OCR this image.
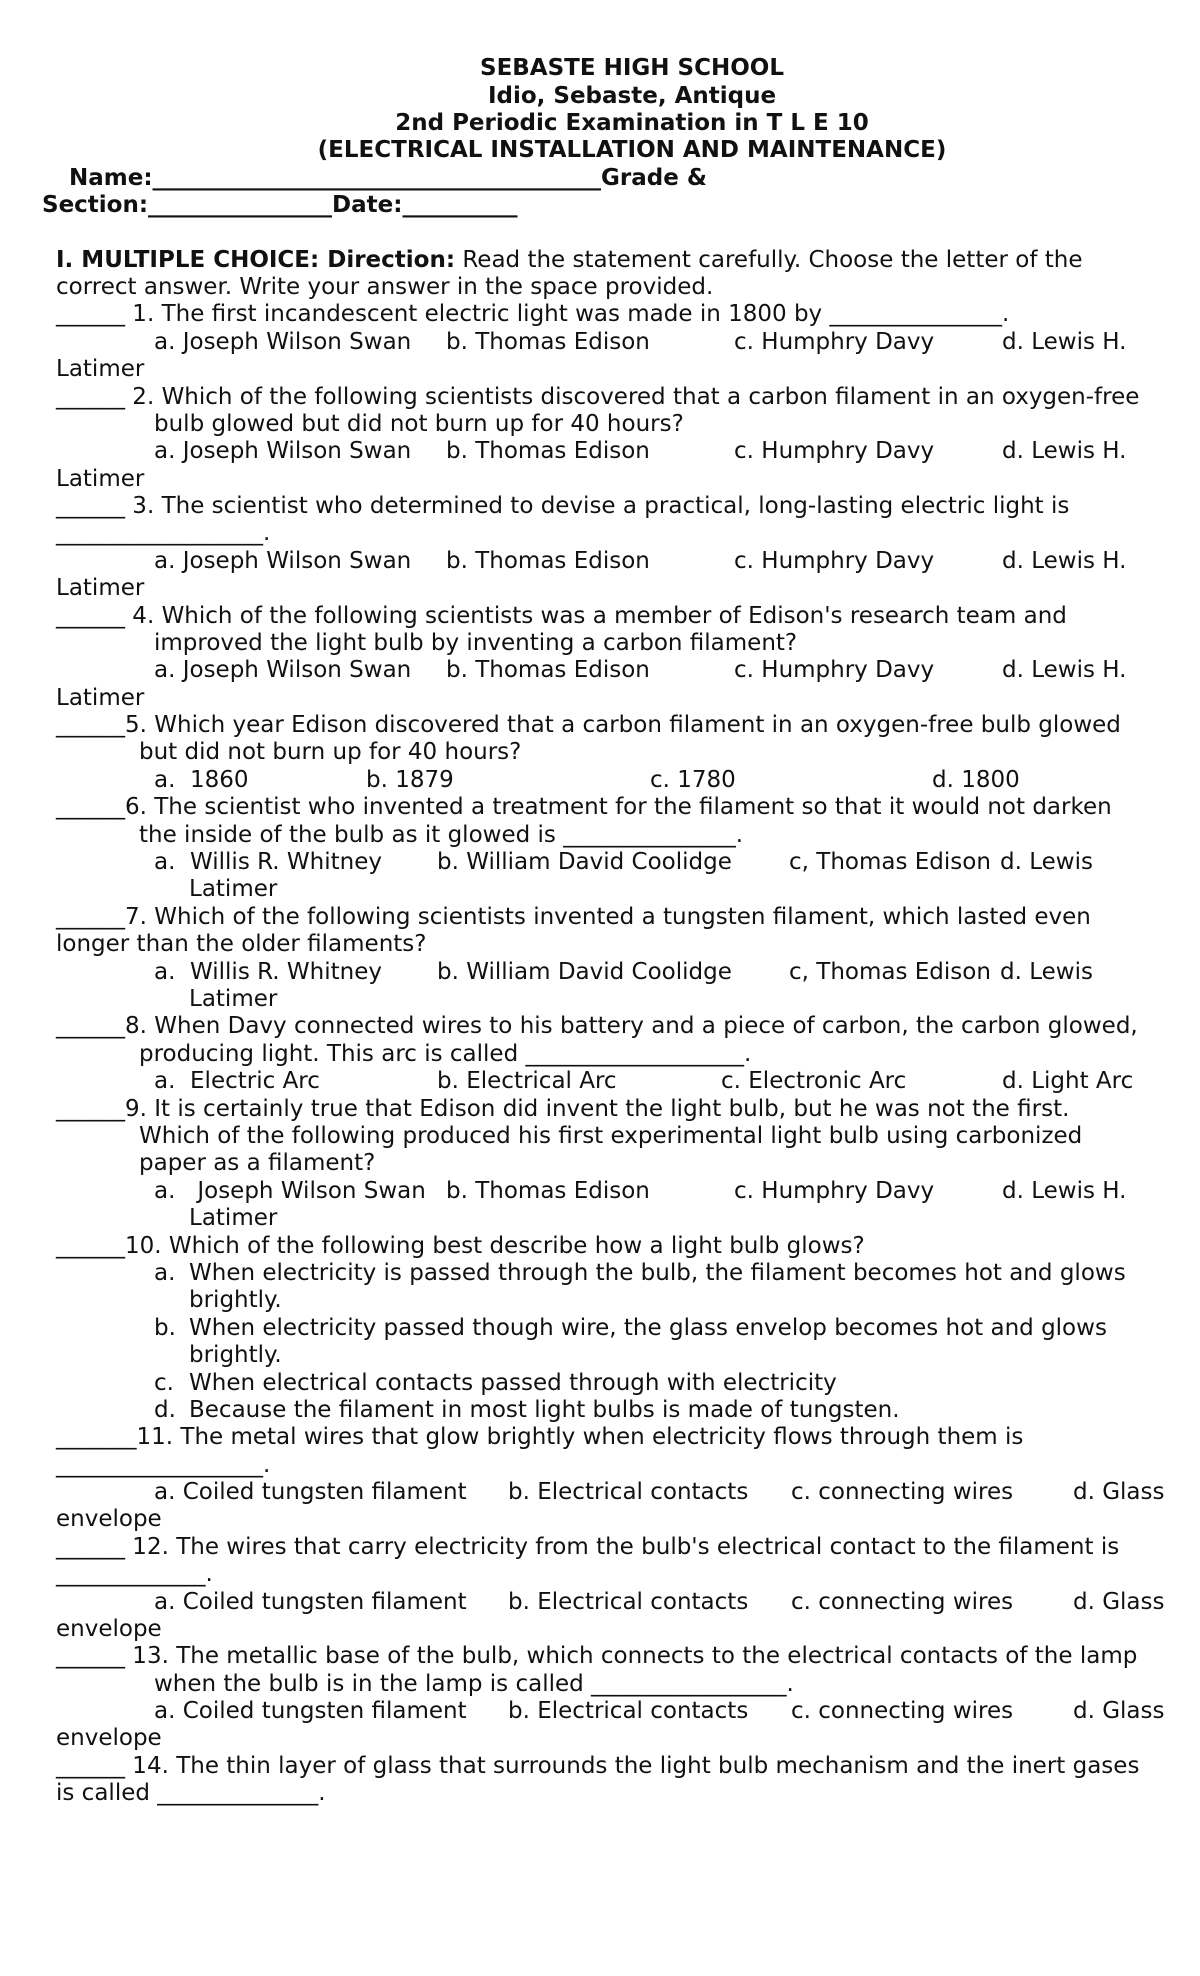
SEBASTE HIGH SCHOOL
Idio, Sebaste, Antique
2nd Periodic Examination in T L E 10
(ELECTRICAL INSTALLATION AND MAINTENANCE)
Name:_______________________________________Grade &
Section:________________Date:__________
I. MULTIPLE CHOICE: Direction: Read the statement carefully. Choose the letter of the
correct answer. Write your answer in the space provided.
______ 1. The first incandescent electric light was made in 1800 by _______________.
a. Joseph Wilson Swan b. Thomas Edison	c. Humphry Davy	d. Lewis H.
Latimer
______ 2. Which of the following scientists discovered that a carbon filament in an oxygen-free
bulb glowed but did not burn up for 40 hours?
a. Joseph Wilson Swan b. Thomas Edison	c. Humphry Davy	d. Lewis H.
Latimer
______ 3. The scientist who determined to devise a practical, long-lasting electric light is
__________________.
a. Joseph Wilson Swan b. Thomas Edison	c. Humphry Davy	d. Lewis H.
Latimer
______ 4. Which of the following scientists was a member of Edison's research team and
improved the light bulb by inventing a carbon filament?
a. Joseph Wilson Swan b. Thomas Edison	c. Humphry Davy	d. Lewis H.
Latimer
______5. Which year Edison discovered that a carbon filament in an oxygen-free bulb glowed
but did not burn up for 40 hours?
a.  1860	b. 1879	c. 1780	d. 1800
______6. The scientist who invented a treatment for the filament so that it would not darken
the inside of the bulb as it glowed is _______________.
a.  Willis R. Whitney b. William David Coolidge c, Thomas Edison d. Lewis
Latimer
______7. Which of the following scientists invented a tungsten filament, which lasted even
longer than the older filaments?
a.  Willis R. Whitney b. William David Coolidge c, Thomas Edison d. Lewis
Latimer
______8. When Davy connected wires to his battery and a piece of carbon, the carbon glowed,
producing light. This arc is called ___________________.
a.  Electric Arc	b. Electrical Arc	c. Electronic Arc	d. Light Arc
______9. It is certainly true that Edison did invent the light bulb, but he was not the first.
Which of the following produced his first experimental light bulb using carbonized
paper as a filament?
a.   Joseph Wilson Swan b. Thomas Edison	c. Humphry Davy	d. Lewis H.
Latimer
______10. Which of the following best describe how a light bulb glows?
a. When electricity is passed through the bulb, the filament becomes hot and glows
brightly.
b. When electricity passed though wire, the glass envelop becomes hot and glows
brightly.
c. When electrical contacts passed through with electricity
d. Because the filament in most light bulbs is made of tungsten.
_______11. The metal wires that glow brightly when electricity flows through them is
__________________.
a. Coiled tungsten filament b. Electrical contacts c. connecting wires	d. Glass
envelope
______ 12. The wires that carry electricity from the bulb's electrical contact to the filament is
_____________.
a. Coiled tungsten filament b. Electrical contacts c. connecting wires	d. Glass
envelope
______ 13. The metallic base of the bulb, which connects to the electrical contacts of the lamp
when the bulb is in the lamp is called _________________.
a. Coiled tungsten filament b. Electrical contacts c. connecting wires	d. Glass
envelope
______ 14. The thin layer of glass that surrounds the light bulb mechanism and the inert gases
is called ______________.
